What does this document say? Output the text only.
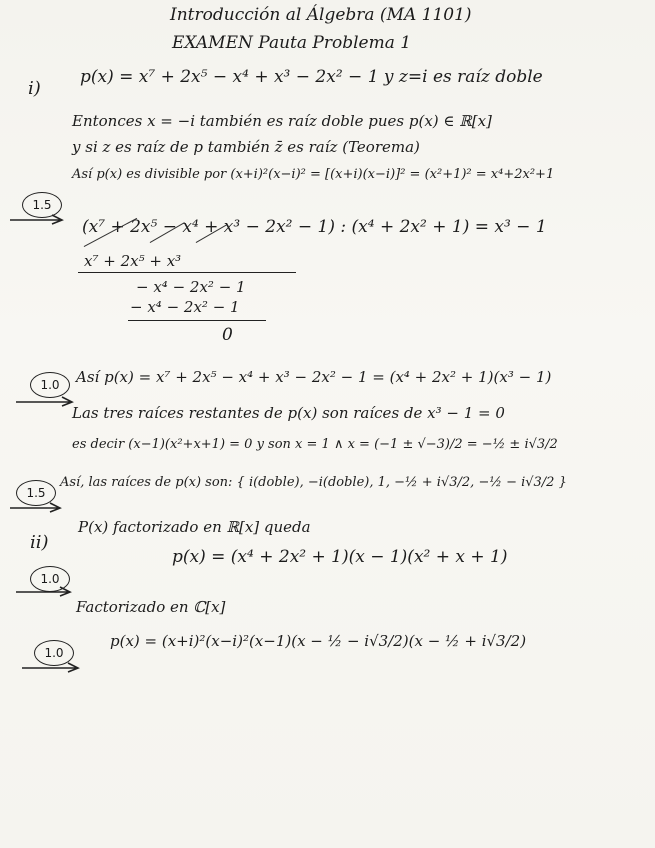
Introducción al Álgebra (MA 1101)
EXAMEN Pauta Problema 1
i)
p(x) = x⁷ + 2x⁵ − x⁴ + x³ − 2x² − 1 y z=i es raíz doble
Entonces x = −i también es raíz doble pues p(x) ∈ ℝ[x]
y si z es raíz de p también z̄ es raíz (Teorema)
1.5
Así p(x) es divisible por (x+i)²(x−i)² = [(x+i)(x−i)]² = (x²+1)² = x⁴+2x²+1
(x⁷ + 2x⁵ − x⁴ + x³ − 2x² − 1) : (x⁴ + 2x² + 1) = x³ − 1
x⁷ + 2x⁵ + x³
− x⁴ − 2x² − 1
− x⁴ − 2x² − 1
0
1.0	Así p(x) = x⁷ + 2x⁵ − x⁴ + x³ − 2x² − 1 = (x⁴ + 2x² + 1)(x³ − 1)
Las tres raíces restantes de p(x) son raíces de x³ − 1 = 0
es decir (x−1)(x²+x+1) = 0 y son x = 1 ∧ x = (−1 ± √−3)/2 = −½ ± i√3/2
1.5
Así, las raíces de p(x) son: { i(doble), −i(doble), 1, −½ + i√3/2, −½ − i√3/2 }
ii)
P(x) factorizado en ℝ[x] queda
1.0
p(x) = (x⁴ + 2x² + 1)(x − 1)(x² + x + 1)
Factorizado en ℂ[x]
1.0
p(x) = (x+i)²(x−i)²(x−1)(x − ½ − i√3/2)(x − ½ + i√3/2)
